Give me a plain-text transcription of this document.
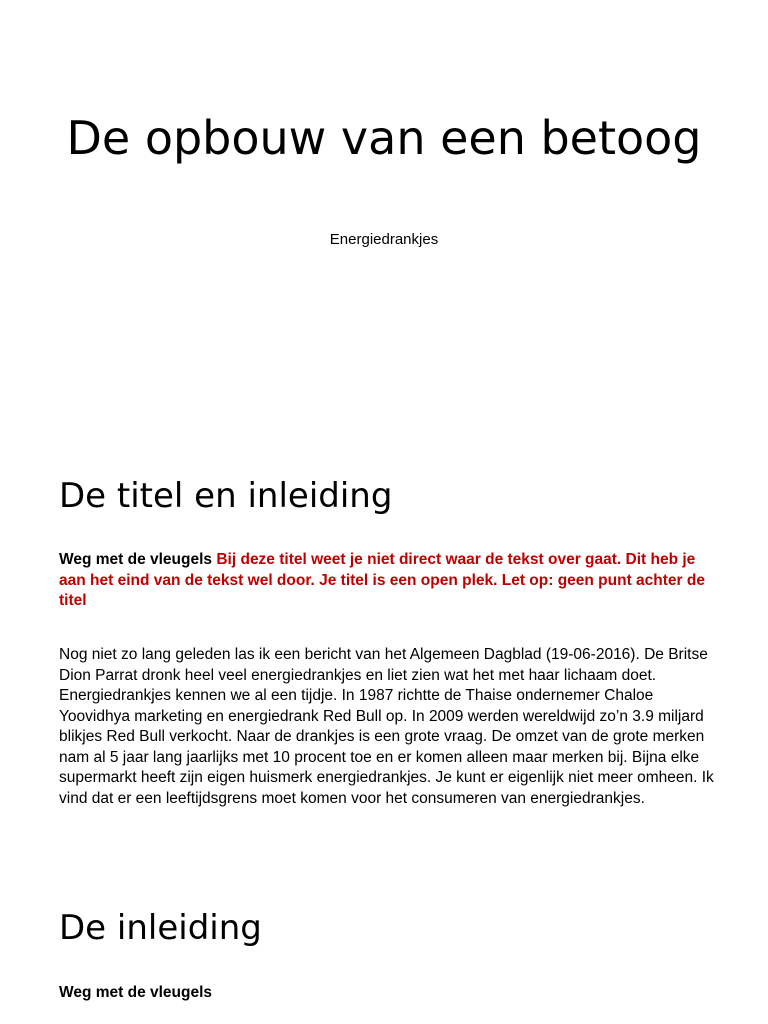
De opbouw van een betoog

Energiedrankjes

De titel en inleiding

Weg met de vleugels Bij deze titel weet je niet direct waar de tekst over gaat. Dit heb je aan het eind van de tekst wel door. Je titel is een open plek. Let op: geen punt achter de titel

Nog niet zo lang geleden las ik een bericht van het Algemeen Dagblad (19-06-2016). De Britse Dion Parrat dronk heel veel energiedrankjes en liet zien wat het met haar lichaam doet. Energiedrankjes kennen we al een tijdje. In 1987 richtte de Thaise ondernemer Chaloe Yoovidhya marketing en energiedrank Red Bull op. In 2009 werden wereldwijd zo’n 3.9 miljard blikjes Red Bull verkocht. Naar de drankjes is een grote vraag. De omzet van de grote merken nam al 5 jaar lang jaarlijks met 10 procent toe en er komen alleen maar merken bij. Bijna elke supermarkt heeft zijn eigen huismerk energiedrankjes. Je kunt er eigenlijk niet meer omheen. Ik vind dat er een leeftijdsgrens moet komen voor het consumeren van energiedrankjes.

De inleiding

Weg met de vleugels
